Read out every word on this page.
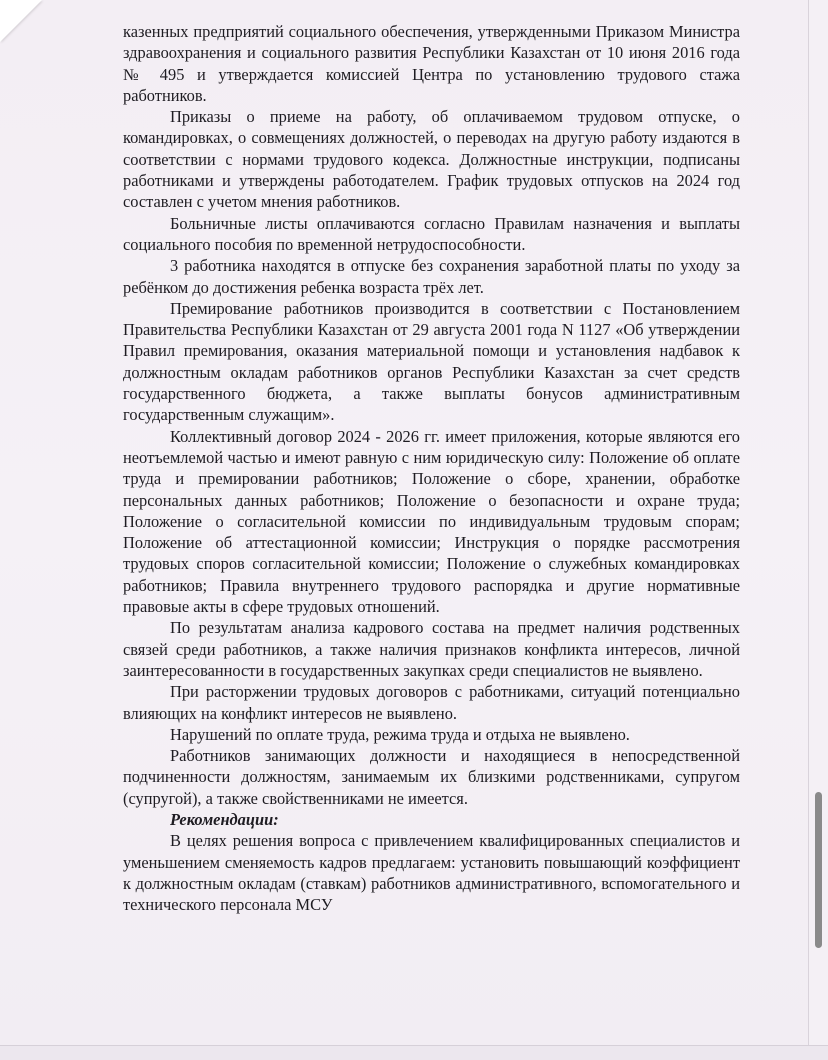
казенных предприятий социального обеспечения, утвержденными Приказом Министра здравоохранения и социального развития Республики Казахстан от 10 июня 2016 года № 495 и утверждается комиссией Центра по установлению трудового стажа работников.

Приказы о приеме на работу, об оплачиваемом трудовом отпуске, о командировках, о совмещениях должностей, о переводах на другую работу издаются в соответствии с нормами трудового кодекса. Должностные инструкции, подписаны работниками и утверждены работодателем. График трудовых отпусков на 2024 год составлен с учетом мнения работников.

Больничные листы оплачиваются согласно Правилам назначения и выплаты социального пособия по временной нетрудоспособности.

3 работника находятся в отпуске без сохранения заработной платы по уходу за ребёнком до достижения ребенка возраста трёх лет.

Премирование работников производится в соответствии с Постановлением Правительства Республики Казахстан от 29 августа 2001 года N 1127 «Об утверждении Правил премирования, оказания материальной помощи и установления надбавок к должностным окладам работников органов Республики Казахстан за счет средств государственного бюджета, а также выплаты бонусов административным государственным служащим».

Коллективный договор 2024 - 2026 гг. имеет приложения, которые являются его неотъемлемой частью и имеют равную с ним юридическую силу: Положение об оплате труда и премировании работников; Положение о сборе, хранении, обработке персональных данных работников; Положение о безопасности и охране труда; Положение о согласительной комиссии по индивидуальным трудовым спорам; Положение об аттестационной комиссии; Инструкция о порядке рассмотрения трудовых споров согласительной комиссии; Положение о служебных командировках работников; Правила внутреннего трудового распорядка и другие нормативные правовые акты в сфере трудовых отношений.

По результатам анализа кадрового состава на предмет наличия родственных связей среди работников, а также наличия признаков конфликта интересов, личной заинтересованности в государственных закупках среди специалистов не выявлено.

При расторжении трудовых договоров с работниками, ситуаций потенциально влияющих на конфликт интересов не выявлено.

Нарушений по оплате труда, режима труда и отдыха не выявлено.

Работников занимающих должности и находящиеся в непосредственной подчиненности должностям, занимаемым их близкими родственниками, супругом (супругой), а также свойственниками не имеется.

Рекомендации:

В целях решения вопроса с привлечением квалифицированных специалистов и уменьшением сменяемость кадров предлагаем: установить повышающий коэффициент к должностным окладам (ставкам) работников административного, вспомогательного и технического персонала МСУ
